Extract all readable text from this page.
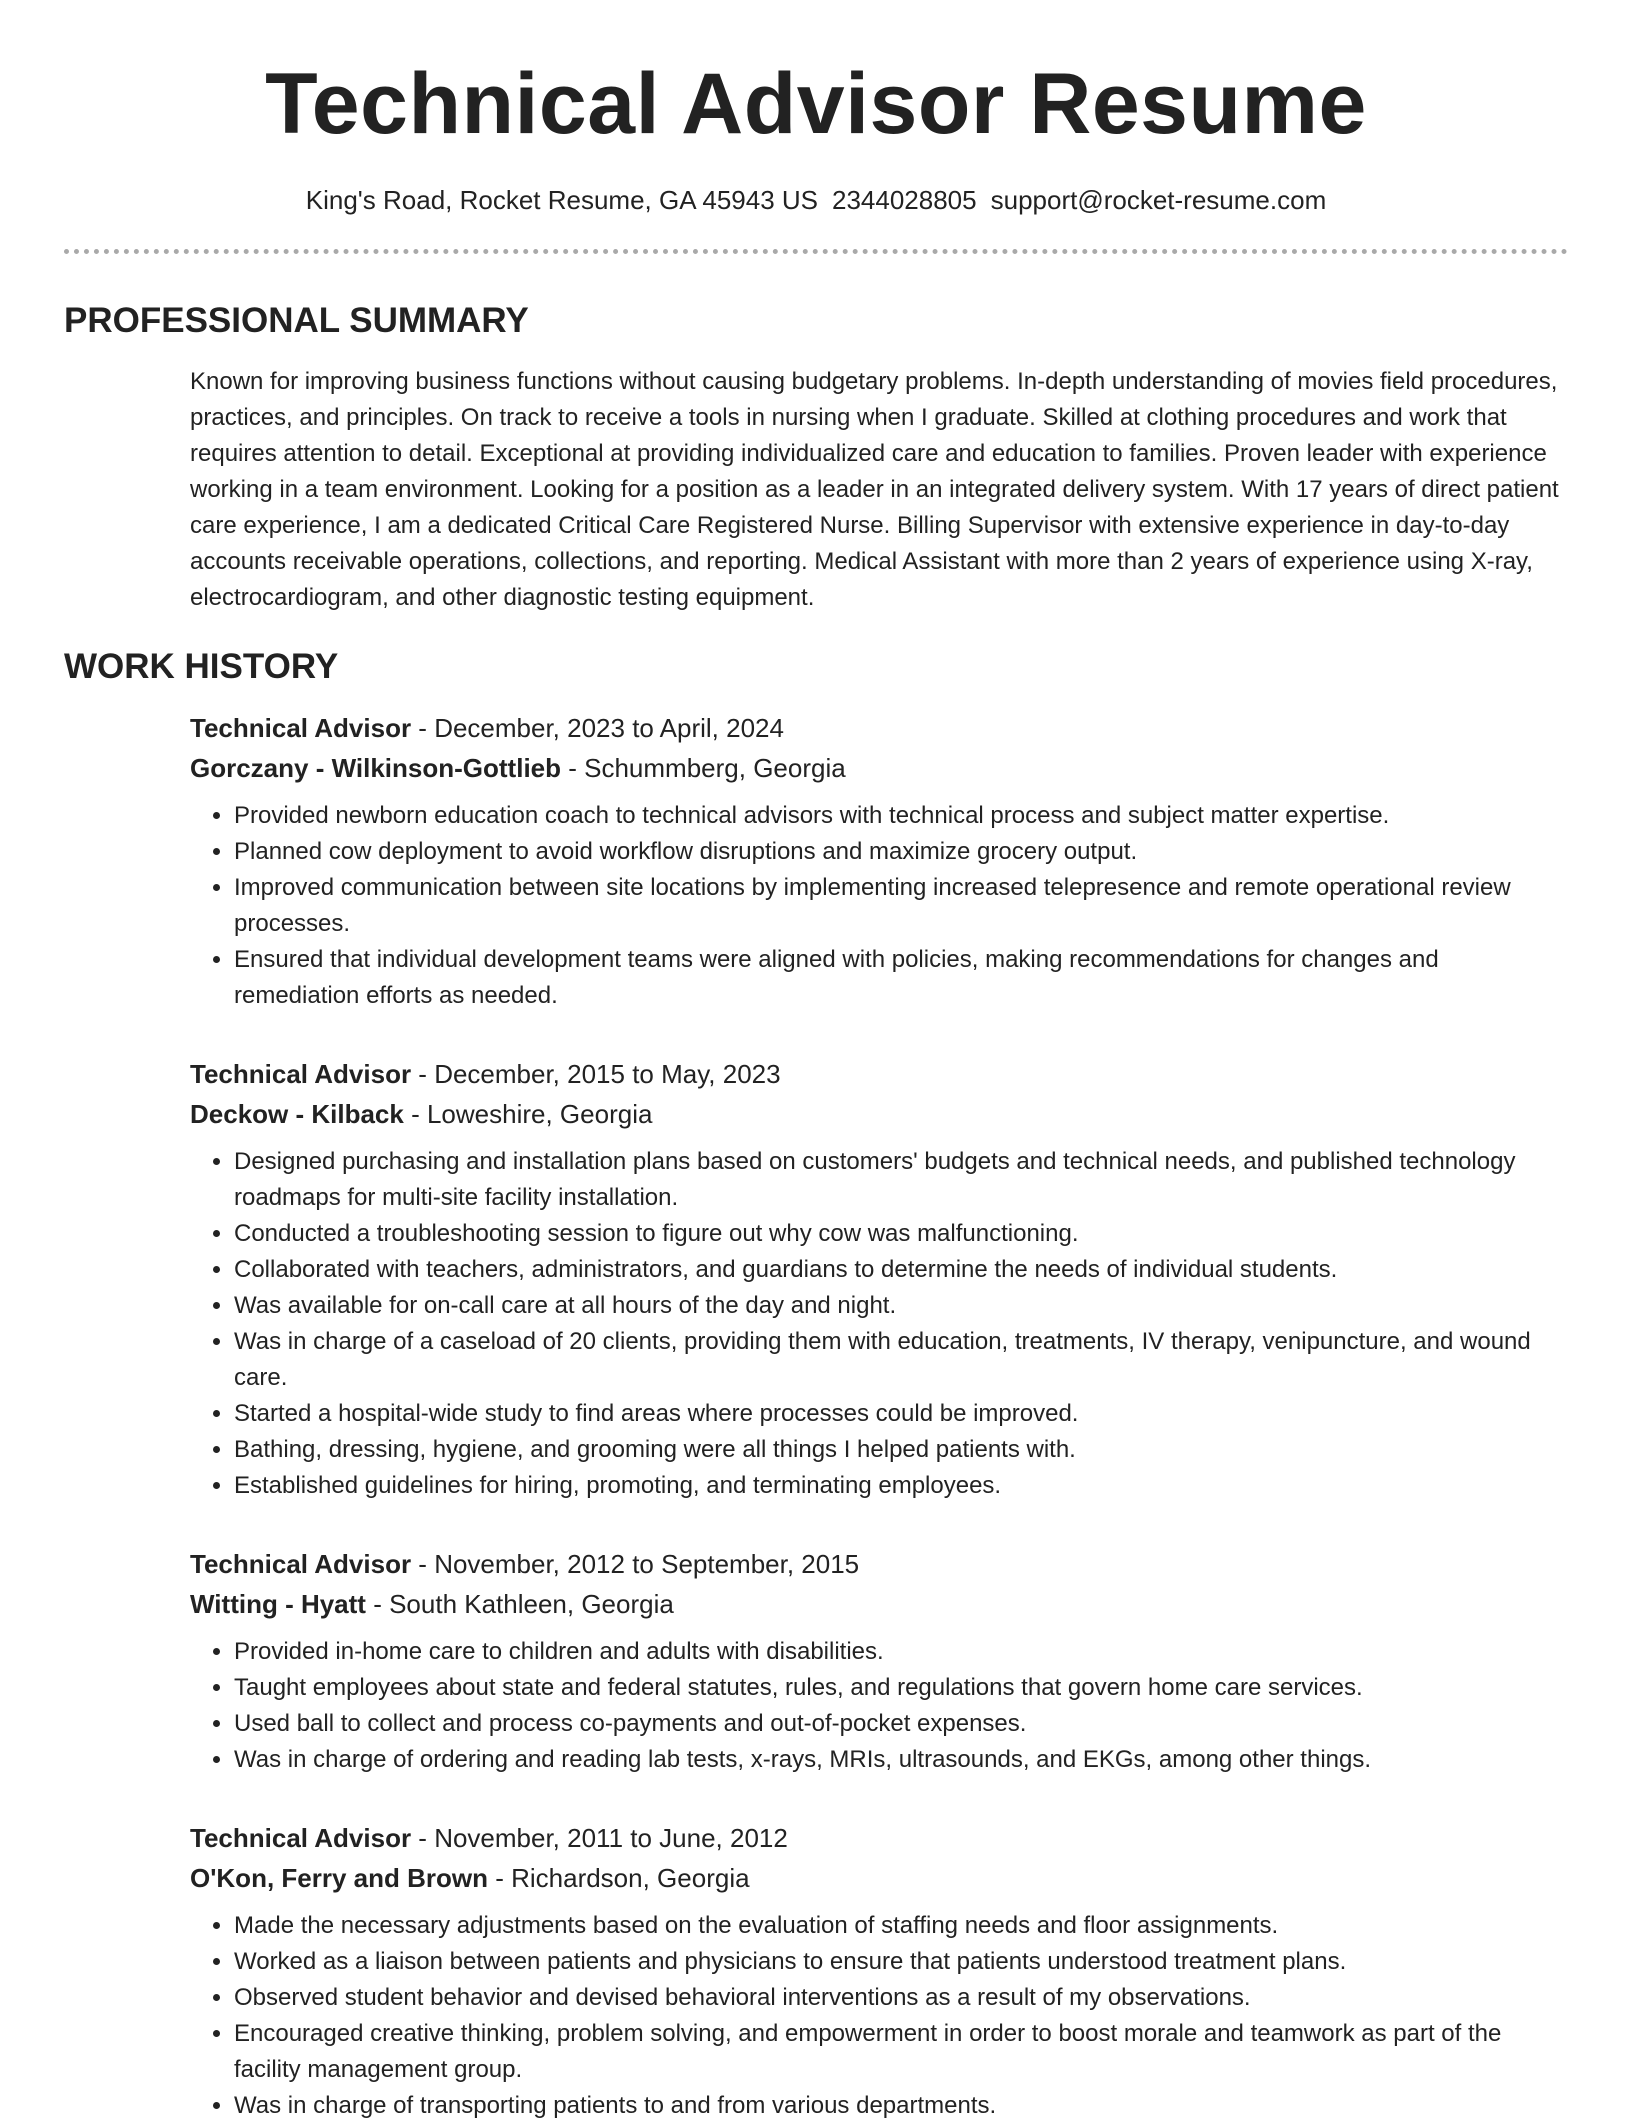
Technical Advisor Resume
King's Road, Rocket Resume, GA 45943 US 2344028805 support@rocket-resume.com
PROFESSIONAL SUMMARY

Known for improving business functions without causing budgetary problems. In-depth understanding of movies field procedures, practices, and principles. On track to receive a tools in nursing when I graduate. Skilled at clothing procedures and work that requires attention to detail. Exceptional at providing individualized care and education to families. Proven leader with experience working in a team environment. Looking for a position as a leader in an integrated delivery system. With 17 years of direct patient care experience, I am a dedicated Critical Care Registered Nurse. Billing Supervisor with extensive experience in day-to-day accounts receivable operations, collections, and reporting. Medical Assistant with more than 2 years of experience using X-ray, electrocardiogram, and other diagnostic testing equipment.

WORK HISTORY
Technical Advisor - December, 2023 to April, 2024
Gorczany - Wilkinson-Gottlieb - Schummberg, Georgia
• Provided newborn education coach to technical advisors with technical process and subject matter expertise.
• Planned cow deployment to avoid workflow disruptions and maximize grocery output.
• Improved communication between site locations by implementing increased telepresence and remote operational review processes.
• Ensured that individual development teams were aligned with policies, making recommendations for changes and remediation efforts as needed.
Technical Advisor - December, 2015 to May, 2023
Deckow - Kilback - Loweshire, Georgia
• Designed purchasing and installation plans based on customers' budgets and technical needs, and published technology roadmaps for multi-site facility installation.
• Conducted a troubleshooting session to figure out why cow was malfunctioning.
• Collaborated with teachers, administrators, and guardians to determine the needs of individual students.
• Was available for on-call care at all hours of the day and night.
• Was in charge of a caseload of 20 clients, providing them with education, treatments, IV therapy, venipuncture, and wound care.
• Started a hospital-wide study to find areas where processes could be improved.
• Bathing, dressing, hygiene, and grooming were all things I helped patients with.
• Established guidelines for hiring, promoting, and terminating employees.
Technical Advisor - November, 2012 to September, 2015
Witting - Hyatt - South Kathleen, Georgia
• Provided in-home care to children and adults with disabilities.
• Taught employees about state and federal statutes, rules, and regulations that govern home care services.
• Used ball to collect and process co-payments and out-of-pocket expenses.
• Was in charge of ordering and reading lab tests, x-rays, MRIs, ultrasounds, and EKGs, among other things.
Technical Advisor - November, 2011 to June, 2012
O'Kon, Ferry and Brown - Richardson, Georgia
• Made the necessary adjustments based on the evaluation of staffing needs and floor assignments.
• Worked as a liaison between patients and physicians to ensure that patients understood treatment plans.
• Observed student behavior and devised behavioral interventions as a result of my observations.
• Encouraged creative thinking, problem solving, and empowerment in order to boost morale and teamwork as part of the facility management group.
• Was in charge of transporting patients to and from various departments.
